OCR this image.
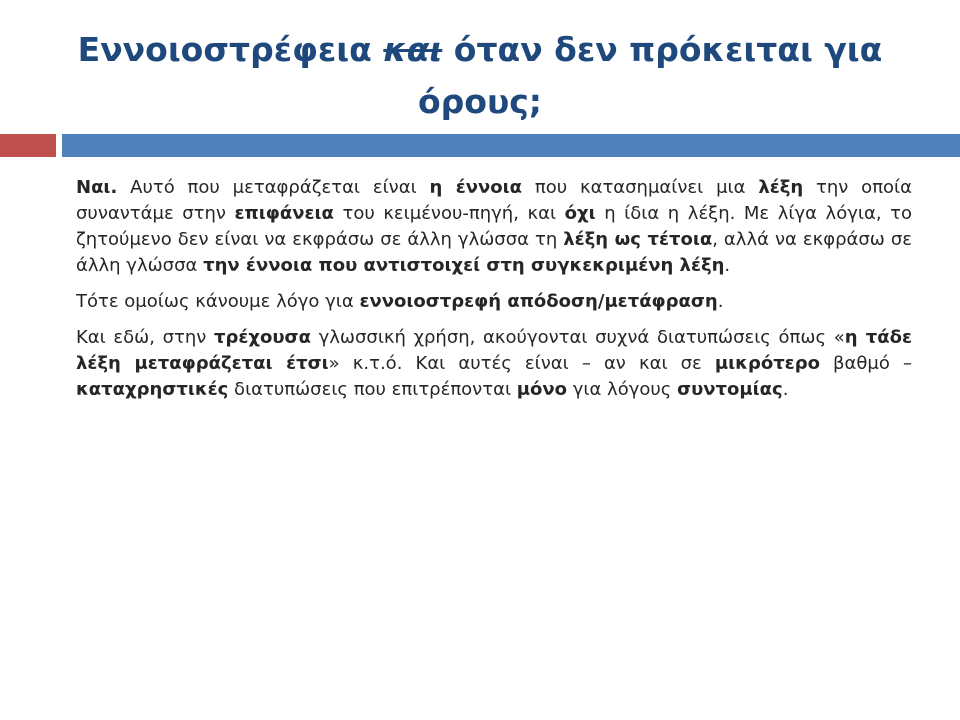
Εννοιοστρέφεια και όταν δεν πρόκειται για όρους;

Ναι. Αυτό που μεταφράζεται είναι η έννοια που κατασημαίνει μια λέξη την οποία συναντάμε στην επιφάνεια του κειμένου-πηγή, και όχι η ίδια η λέξη. Με λίγα λόγια, το ζητούμενο δεν είναι να εκφράσω σε άλλη γλώσσα τη λέξη ως τέτοια, αλλά να εκφράσω σε άλλη γλώσσα την έννοια που αντιστοιχεί στη συγκεκριμένη λέξη.

Τότε ομοίως κάνουμε λόγο για εννοιοστρεφή απόδοση/μετάφραση.

Και εδώ, στην τρέχουσα γλωσσική χρήση, ακούγονται συχνά διατυπώσεις όπως «η τάδε λέξη μεταφράζεται έτσι» κ.τ.ό. Και αυτές είναι – αν και σε μικρότερο βαθμό – καταχρηστικές διατυπώσεις που επιτρέπονται μόνο για λόγους συντομίας.
